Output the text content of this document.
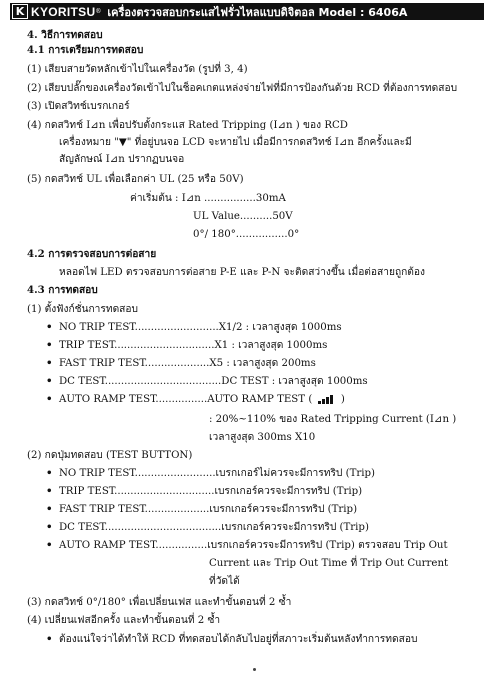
K KYORITSU ® เครื่องตรวจสอบกระแสไฟรั่วไหลแบบดิจิตอล Model : 6406A
4. วิธีการทดสอบ
4.1 การเตรียมการทดสอบ
(1) เสียบสายวัดหลักเข้าไปในเครื่องวัด (รูปที่ 3, 4)
(2) เสียบปลั๊กของเครื่องวัดเข้าไปในช็อคเกตแหล่งจ่ายไฟที่มีการป้องกันด้วย RCD ที่ต้องการทดสอบ
(3) เปิดสวิทช์เบรกเกอร์
(4) กดสวิทช์ I⊿n เพื่อปรับตั้งกระแส Rated Tripping (I⊿n ) ของ RCD
เครื่องหมาย "▼" ที่อยู่บนจอ LCD จะหายไป เมื่อมีการกดสวิทช์ I⊿n อีกครั้งและมี
สัญลักษณ์ I⊿n ปรากฏบนจอ
(5) กดสวิทช์ UL เพื่อเลือกค่า UL (25 หรือ 50V)
ค่าเริ่มต้น : I⊿n ................30mA
UL Value..........50V
0°/ 180°................0°
4.2 การตรวจสอบการต่อสาย
หลอดไฟ LED ตรวจสอบการต่อสาย P-E และ P-N จะติดสว่างขึ้น เมื่อต่อสายถูกต้อง
4.3 การทดสอบ
(1) ตั้งฟังก์ชั่นการทดสอบ
• NO TRIP TEST..........................X1/2 : เวลาสูงสุด 1000ms
• TRIP TEST...............................X1 : เวลาสูงสุด 1000ms
• FAST TRIP TEST....................X5 : เวลาสูงสุด 200ms
• DC TEST....................................DC TEST : เวลาสูงสุด 1000ms
• AUTO RAMP TEST................AUTO RAMP TEST (	)
: 20%~110% ของ Rated Tripping Current (I⊿n )
เวลาสูงสุด 300ms X10
(2) กดปุ่มทดสอบ (TEST BUTTON)
• NO TRIP TEST.........................เบรกเกอร์ไม่ควรจะมีการทริป (Trip)
• TRIP TEST...............................เบรกเกอร์ควรจะมีการทริป (Trip)
• FAST TRIP TEST....................เบรกเกอร์ควรจะมีการทริป (Trip)
• DC TEST....................................เบรกเกอร์ควรจะมีการทริป (Trip)
• AUTO RAMP TEST................เบรกเกอร์ควรจะมีการทริป (Trip) ตรวจสอบ Trip Out
Current และ Trip Out Time ที่ Trip Out Current
ที่วัดได้
(3) กดสวิทช์ 0°/180° เพื่อเปลี่ยนเฟส และทำขั้นตอนที่ 2 ซ้ำ
(4) เปลี่ยนเฟสอีกครั้ง และทำขั้นตอนที่ 2 ซ้ำ
• ต้องแน่ใจว่าได้ทำให้ RCD ที่ทดสอบได้กลับไปอยู่ที่สภาวะเริ่มต้นหลังทำการทดสอบ
